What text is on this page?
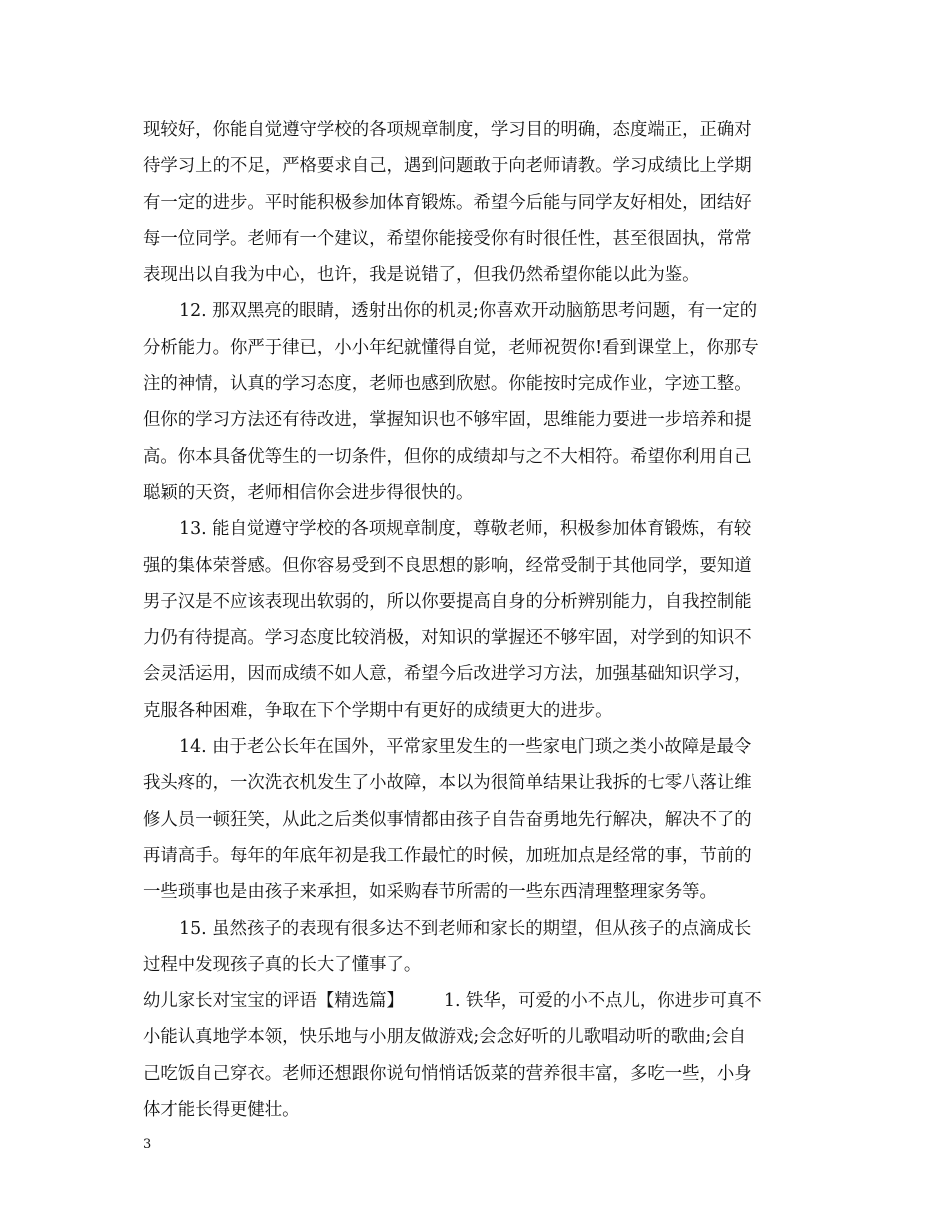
现较好，你能自觉遵守学校的各项规章制度，学习目的明确，态度端正，正确对
待学习上的不足，严格要求自己，遇到问题敢于向老师请教。学习成绩比上学期
有一定的进步。平时能积极参加体育锻炼。希望今后能与同学友好相处，团结好
每一位同学。老师有一个建议，希望你能接受你有时很任性，甚至很固执，常常
表现出以自我为中心，也许，我是说错了，但我仍然希望你能以此为鉴。
12. 那双黑亮的眼睛，透射出你的机灵;你喜欢开动脑筋思考问题，有一定的
分析能力。你严于律已，小小年纪就懂得自觉，老师祝贺你!看到课堂上，你那专
注的神情，认真的学习态度，老师也感到欣慰。你能按时完成作业，字迹工整。
但你的学习方法还有待改进，掌握知识也不够牢固，思维能力要进一步培养和提
高。你本具备优等生的一切条件，但你的成绩却与之不大相符。希望你利用自己
聪颖的天资，老师相信你会进步得很快的。
13. 能自觉遵守学校的各项规章制度，尊敬老师，积极参加体育锻炼，有较
强的集体荣誉感。但你容易受到不良思想的影响，经常受制于其他同学，要知道
男子汉是不应该表现出软弱的，所以你要提高自身的分析辨别能力，自我控制能
力仍有待提高。学习态度比较消极，对知识的掌握还不够牢固，对学到的知识不
会灵活运用，因而成绩不如人意，希望今后改进学习方法，加强基础知识学习，
克服各种困难，争取在下个学期中有更好的成绩更大的进步。
14. 由于老公长年在国外，平常家里发生的一些家电门琐之类小故障是最令
我头疼的，一次洗衣机发生了小故障，本以为很简单结果让我拆的七零八落让维
修人员一顿狂笑，从此之后类似事情都由孩子自告奋勇地先行解决，解决不了的
再请高手。每年的年底年初是我工作最忙的时候，加班加点是经常的事，节前的
一些琐事也是由孩子来承担，如采购春节所需的一些东西清理整理家务等。
15. 虽然孩子的表现有很多达不到老师和家长的期望，但从孩子的点滴成长
过程中发现孩子真的长大了懂事了。
幼儿家长对宝宝的评语【精选篇】 1. 铁华，可爱的小不点儿，你进步可真不
小能认真地学本领，快乐地与小朋友做游戏;会念好听的儿歌唱动听的歌曲;会自
己吃饭自己穿衣。老师还想跟你说句悄悄话饭菜的营养很丰富，多吃一些，小身
体才能长得更健壮。
3
